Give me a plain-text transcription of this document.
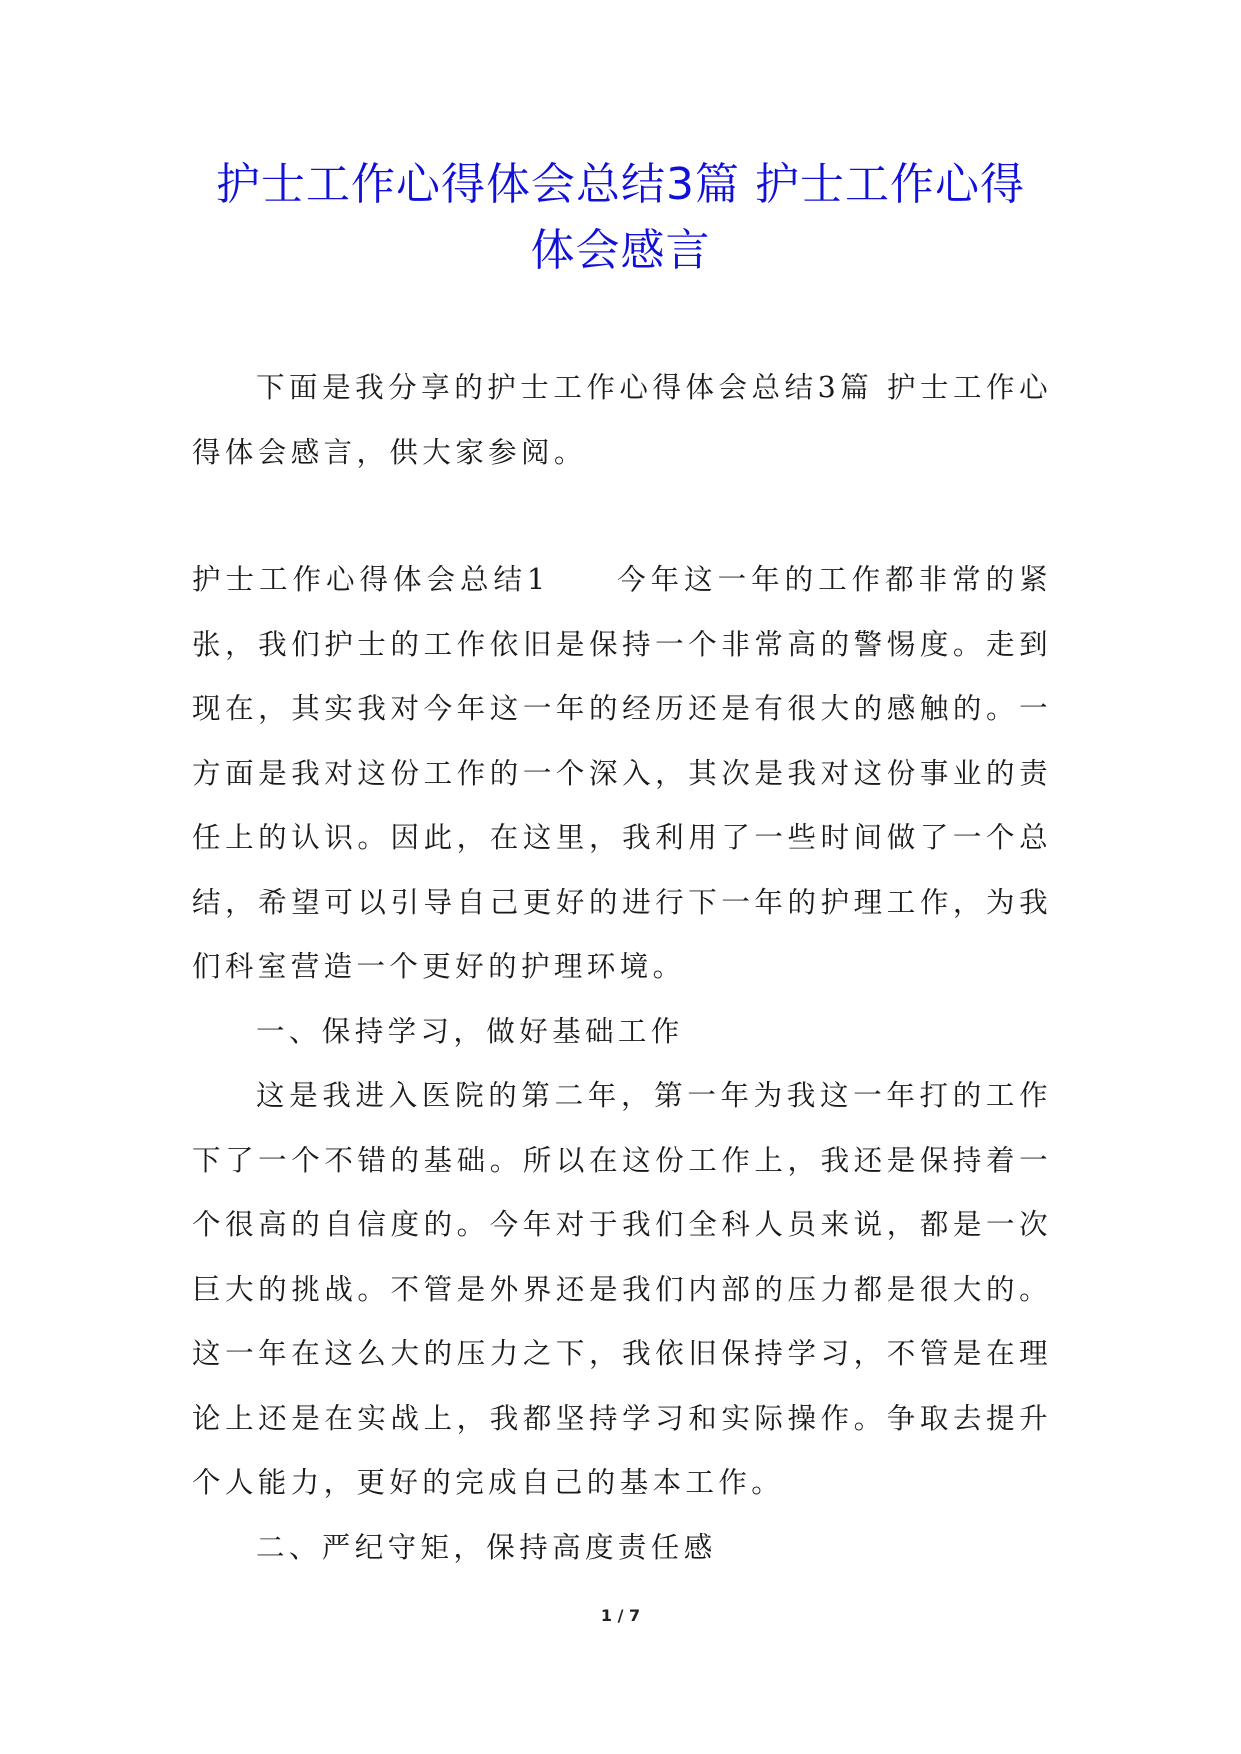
护士工作心得体会总结3篇 护士工作心得
体会感言

下面是我分享的护士工作心得体会总结3篇 护士工作心得体会感言，供大家参阅。

护士工作心得体会总结1　　今年这一年的工作都非常的紧张，我们护士的工作依旧是保持一个非常高的警惕度。走到现在，其实我对今年这一年的经历还是有很大的感触的。一方面是我对这份工作的一个深入，其次是我对这份事业的责任上的认识。因此，在这里，我利用了一些时间做了一个总结，希望可以引导自己更好的进行下一年的护理工作，为我们科室营造一个更好的护理环境。

一、保持学习，做好基础工作

这是我进入医院的第二年，第一年为我这一年打的工作下了一个不错的基础。所以在这份工作上，我还是保持着一个很高的自信度的。今年对于我们全科人员来说，都是一次巨大的挑战。不管是外界还是我们内部的压力都是很大的。这一年在这么大的压力之下，我依旧保持学习，不管是在理论上还是在实战上，我都坚持学习和实际操作。争取去提升个人能力，更好的完成自己的基本工作。

二、严纪守矩，保持高度责任感

1 / 7
